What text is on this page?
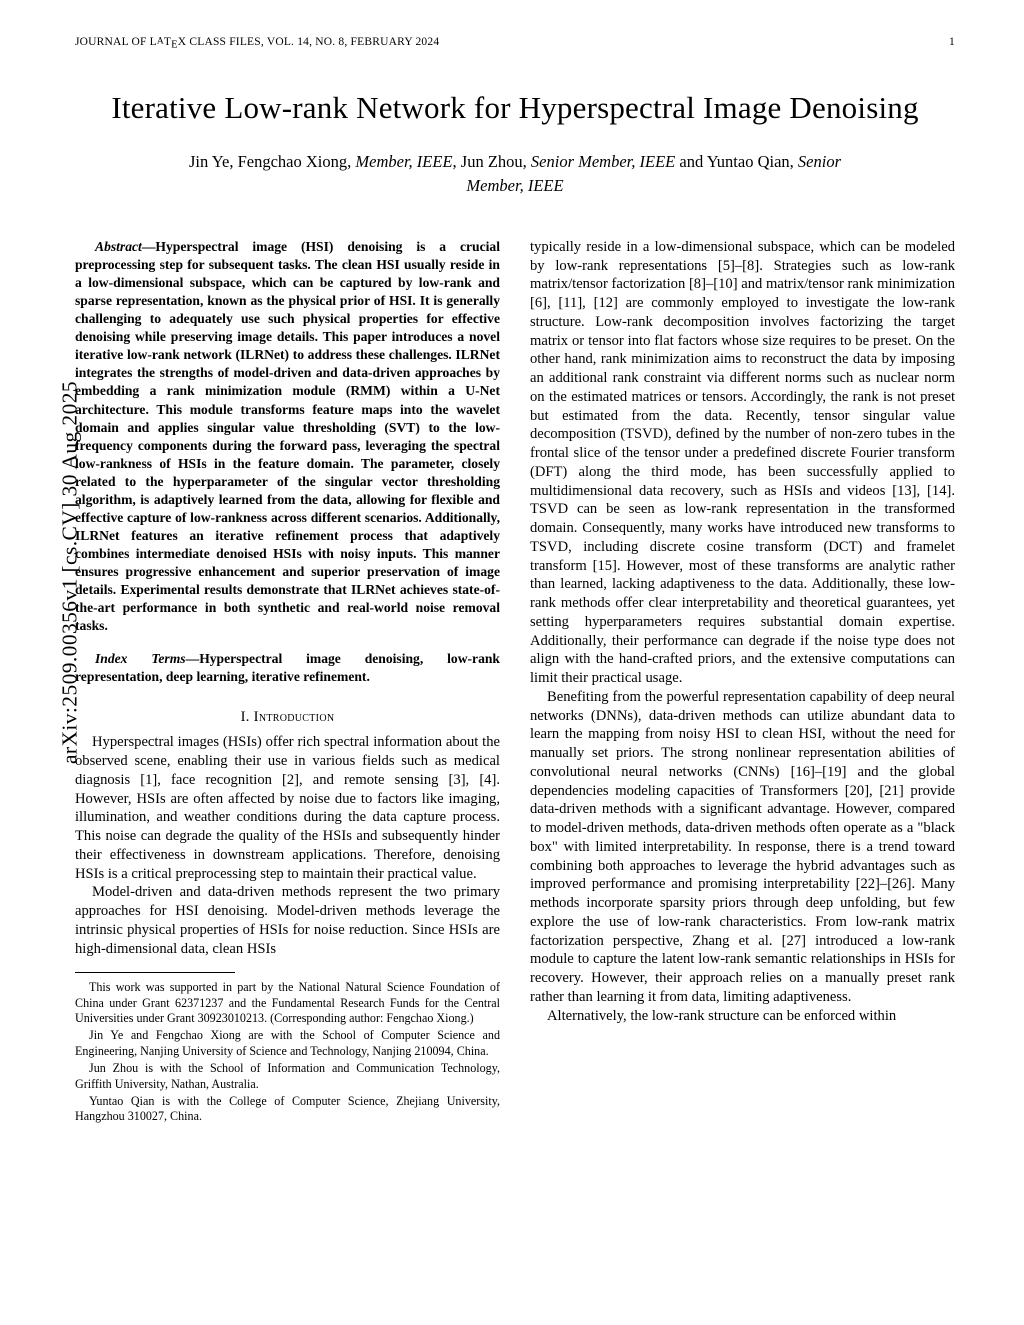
arXiv:2509.00356v1 [cs.CV] 30 Aug 2025
JOURNAL OF LATEX CLASS FILES, VOL. 14, NO. 8, FEBRUARY 2024	1
Iterative Low-rank Network for Hyperspectral Image Denoising
Jin Ye, Fengchao Xiong, Member, IEEE, Jun Zhou, Senior Member, IEEE and Yuntao Qian, Senior
Member, IEEE
Abstract—Hyperspectral image (HSI) denoising is a crucial preprocessing step for subsequent tasks. The clean HSI usually reside in a low-dimensional subspace, which can be captured by low-rank and sparse representation, known as the physical prior of HSI. It is generally challenging to adequately use such physical properties for effective denoising while preserving image details. This paper introduces a novel iterative low-rank network (ILRNet) to address these challenges. ILRNet integrates the strengths of model-driven and data-driven approaches by embedding a rank minimization module (RMM) within a U-Net architecture. This module transforms feature maps into the wavelet domain and applies singular value thresholding (SVT) to the low-frequency components during the forward pass, leveraging the spectral low-rankness of HSIs in the feature domain. The parameter, closely related to the hyperparameter of the singular vector thresholding algorithm, is adaptively learned from the data, allowing for flexible and effective capture of low-rankness across different scenarios. Additionally, ILRNet features an iterative refinement process that adaptively combines intermediate denoised HSIs with noisy inputs. This manner ensures progressive enhancement and superior preservation of image details. Experimental results demonstrate that ILRNet achieves state-of-the-art performance in both synthetic and real-world noise removal tasks.
Index Terms—Hyperspectral image denoising, low-rank representation, deep learning, iterative refinement.
I. Introduction

Hyperspectral images (HSIs) offer rich spectral information about the observed scene, enabling their use in various fields such as medical diagnosis [1], face recognition [2], and remote sensing [3], [4]. However, HSIs are often affected by noise due to factors like imaging, illumination, and weather conditions during the data capture process. This noise can degrade the quality of the HSIs and subsequently hinder their effectiveness in downstream applications. Therefore, denoising HSIs is a critical preprocessing step to maintain their practical value.

Model-driven and data-driven methods represent the two primary approaches for HSI denoising. Model-driven methods leverage the intrinsic physical properties of HSIs for noise reduction. Since HSIs are high-dimensional data, clean HSIs

This work was supported in part by the National Natural Science Foundation of China under Grant 62371237 and the Fundamental Research Funds for the Central Universities under Grant 30923010213. (Corresponding author: Fengchao Xiong.)

Jin Ye and Fengchao Xiong are with the School of Computer Science and Engineering, Nanjing University of Science and Technology, Nanjing 210094, China.

Jun Zhou is with the School of Information and Communication Technology, Griffith University, Nathan, Australia.

Yuntao Qian is with the College of Computer Science, Zhejiang University, Hangzhou 310027, China.

typically reside in a low-dimensional subspace, which can be modeled by low-rank representations [5]–[8]. Strategies such as low-rank matrix/tensor factorization [8]–[10] and matrix/tensor rank minimization [6], [11], [12] are commonly employed to investigate the low-rank structure. Low-rank decomposition involves factorizing the target matrix or tensor into flat factors whose size requires to be preset. On the other hand, rank minimization aims to reconstruct the data by imposing an additional rank constraint via different norms such as nuclear norm on the estimated matrices or tensors. Accordingly, the rank is not preset but estimated from the data. Recently, tensor singular value decomposition (TSVD), defined by the number of non-zero tubes in the frontal slice of the tensor under a predefined discrete Fourier transform (DFT) along the third mode, has been successfully applied to multidimensional data recovery, such as HSIs and videos [13], [14]. TSVD can be seen as low-rank representation in the transformed domain. Consequently, many works have introduced new transforms to TSVD, including discrete cosine transform (DCT) and framelet transform [15]. However, most of these transforms are analytic rather than learned, lacking adaptiveness to the data. Additionally, these low-rank methods offer clear interpretability and theoretical guarantees, yet setting hyperparameters requires substantial domain expertise. Additionally, their performance can degrade if the noise type does not align with the hand-crafted priors, and the extensive computations can limit their practical usage.

Benefiting from the powerful representation capability of deep neural networks (DNNs), data-driven methods can utilize abundant data to learn the mapping from noisy HSI to clean HSI, without the need for manually set priors. The strong nonlinear representation abilities of convolutional neural networks (CNNs) [16]–[19] and the global dependencies modeling capacities of Transformers [20], [21] provide data-driven methods with a significant advantage. However, compared to model-driven methods, data-driven methods often operate as a "black box" with limited interpretability. In response, there is a trend toward combining both approaches to leverage the hybrid advantages such as improved performance and promising interpretability [22]–[26]. Many methods incorporate sparsity priors through deep unfolding, but few explore the use of low-rank characteristics. From low-rank matrix factorization perspective, Zhang et al. [27] introduced a low-rank module to capture the latent low-rank semantic relationships in HSIs for recovery. However, their approach relies on a manually preset rank rather than learning it from data, limiting adaptiveness.

Alternatively, the low-rank structure can be enforced within
